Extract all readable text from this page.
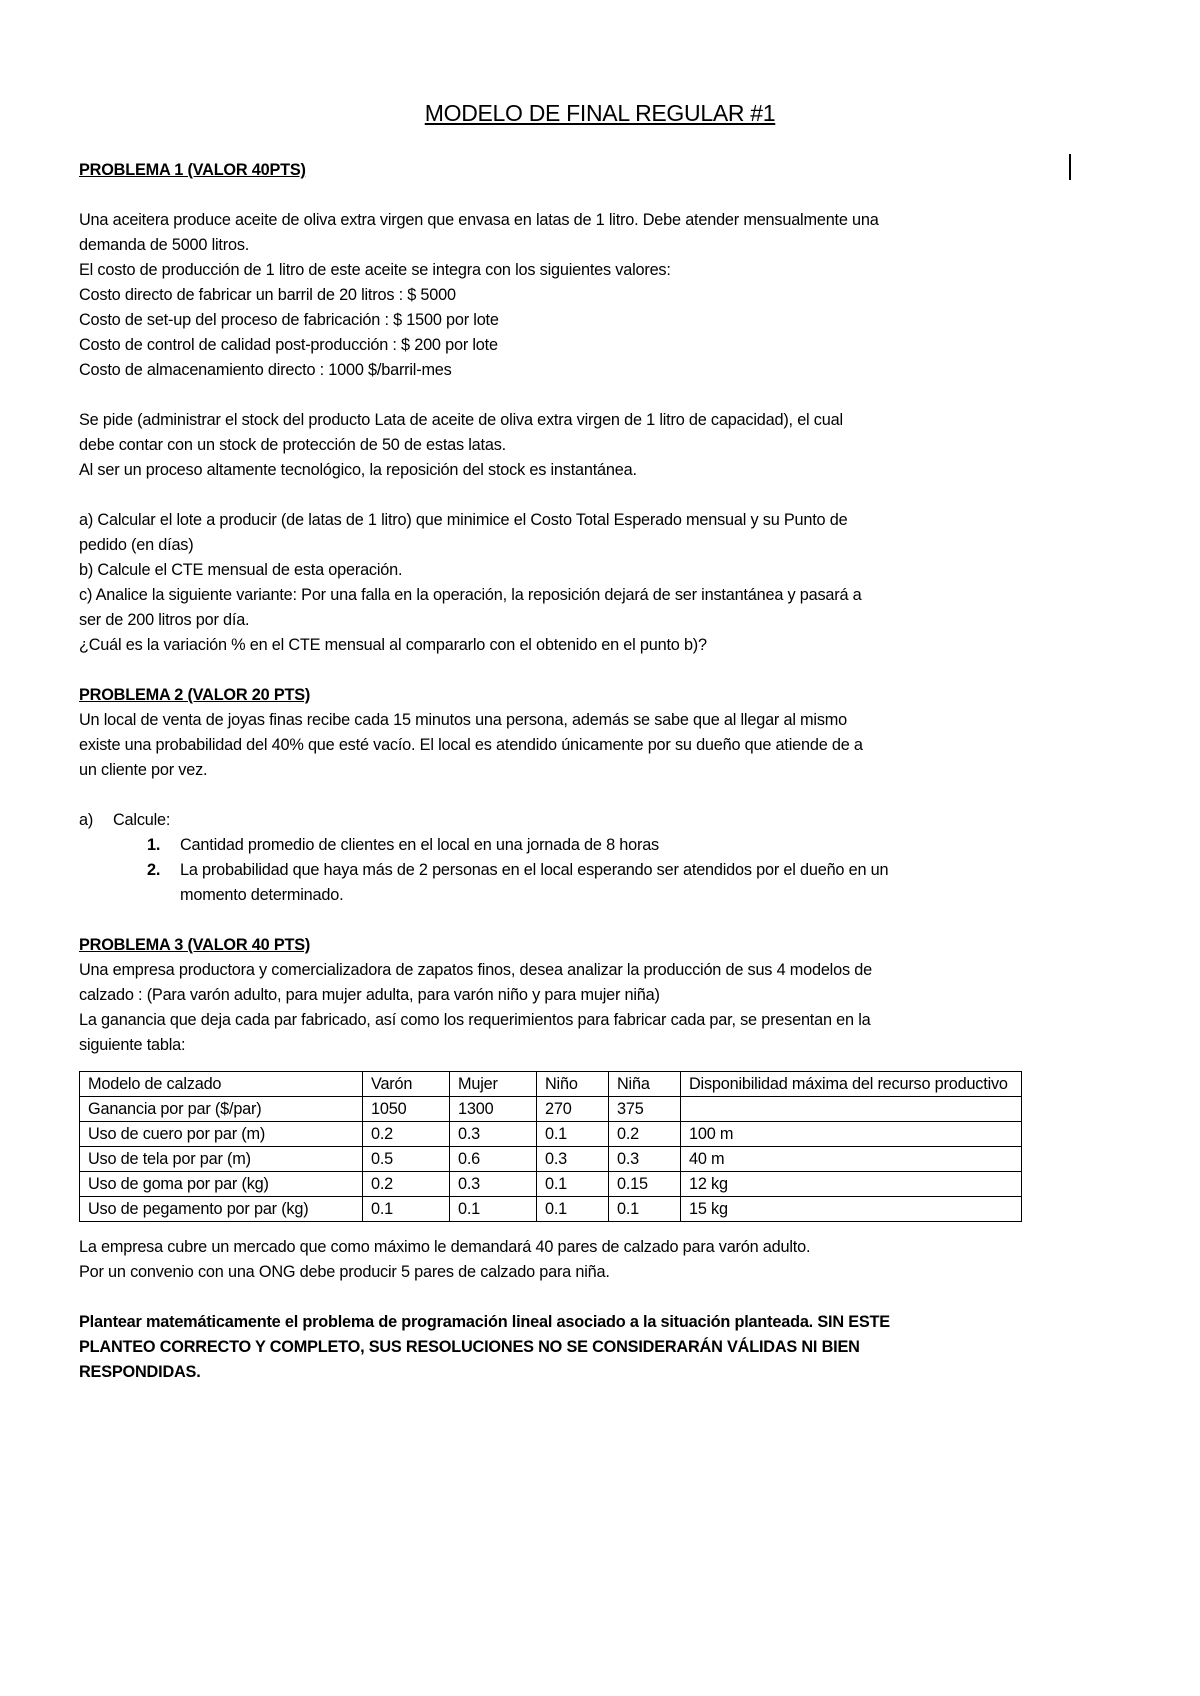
MODELO DE FINAL REGULAR #1
PROBLEMA 1 (VALOR 40PTS)
Una aceitera produce aceite de oliva extra virgen que envasa en latas de 1 litro. Debe atender mensualmente una
demanda de 5000 litros.
El costo de producción de 1 litro de este aceite se integra con los siguientes valores:
Costo directo de fabricar un barril de 20 litros : $ 5000
Costo de set-up del proceso de fabricación : $ 1500 por lote
Costo de control de calidad post-producción : $ 200 por lote
Costo de almacenamiento directo : 1000 $/barril-mes
Se pide (administrar el stock del producto Lata de aceite de oliva extra virgen de 1 litro de capacidad), el cual
debe contar con un stock de protección de 50 de estas latas.
Al ser un proceso altamente tecnológico, la reposición del stock es instantánea.
a) Calcular el lote a producir (de latas de 1 litro) que minimice el Costo Total Esperado mensual y su Punto de
pedido (en días)
b) Calcule el CTE mensual de esta operación.
c) Analice la siguiente variante: Por una falla en la operación, la reposición dejará de ser instantánea y pasará a
ser de 200 litros por día.
¿Cuál es la variación % en el CTE mensual al compararlo con el obtenido en el punto b)?
PROBLEMA 2 (VALOR 20 PTS)
Un local de venta de joyas finas recibe cada 15 minutos una persona, además se sabe que al llegar al mismo
existe una probabilidad del 40% que esté vacío. El local es atendido únicamente por su dueño que atiende de a
un cliente por vez.
a) Calcule:
1. Cantidad promedio de clientes en el local en una jornada de 8 horas
2. La probabilidad que haya más de 2 personas en el local esperando ser atendidos por el dueño en un
momento determinado.
PROBLEMA 3 (VALOR 40 PTS)
Una empresa productora y comercializadora de zapatos finos, desea analizar la producción de sus 4 modelos de
calzado : (Para varón adulto, para mujer adulta, para varón niño y para mujer niña)
La ganancia que deja cada par fabricado, así como los requerimientos para fabricar cada par, se presentan en la
siguiente tabla:
Modelo de calzado	Varón	Mujer	Niño	Niña	Disponibilidad máxima del recurso productivo
Ganancia por par ($/par)	1050	1300	270	375	
Uso de cuero por par (m)	0.2	0.3	0.1	0.2	100 m
Uso de tela por par (m)	0.5	0.6	0.3	0.3	40 m
Uso de goma por par (kg)	0.2	0.3	0.1	0.15	12 kg
Uso de pegamento por par (kg)	0.1	0.1	0.1	0.1	15 kg
La empresa cubre un mercado que como máximo le demandará 40 pares de calzado para varón adulto.
Por un convenio con una ONG debe producir 5 pares de calzado para niña.
Plantear matemáticamente el problema de programación lineal asociado a la situación planteada. SIN ESTE
PLANTEO CORRECTO Y COMPLETO, SUS RESOLUCIONES NO SE CONSIDERARÁN VÁLIDAS NI BIEN
RESPONDIDAS.
